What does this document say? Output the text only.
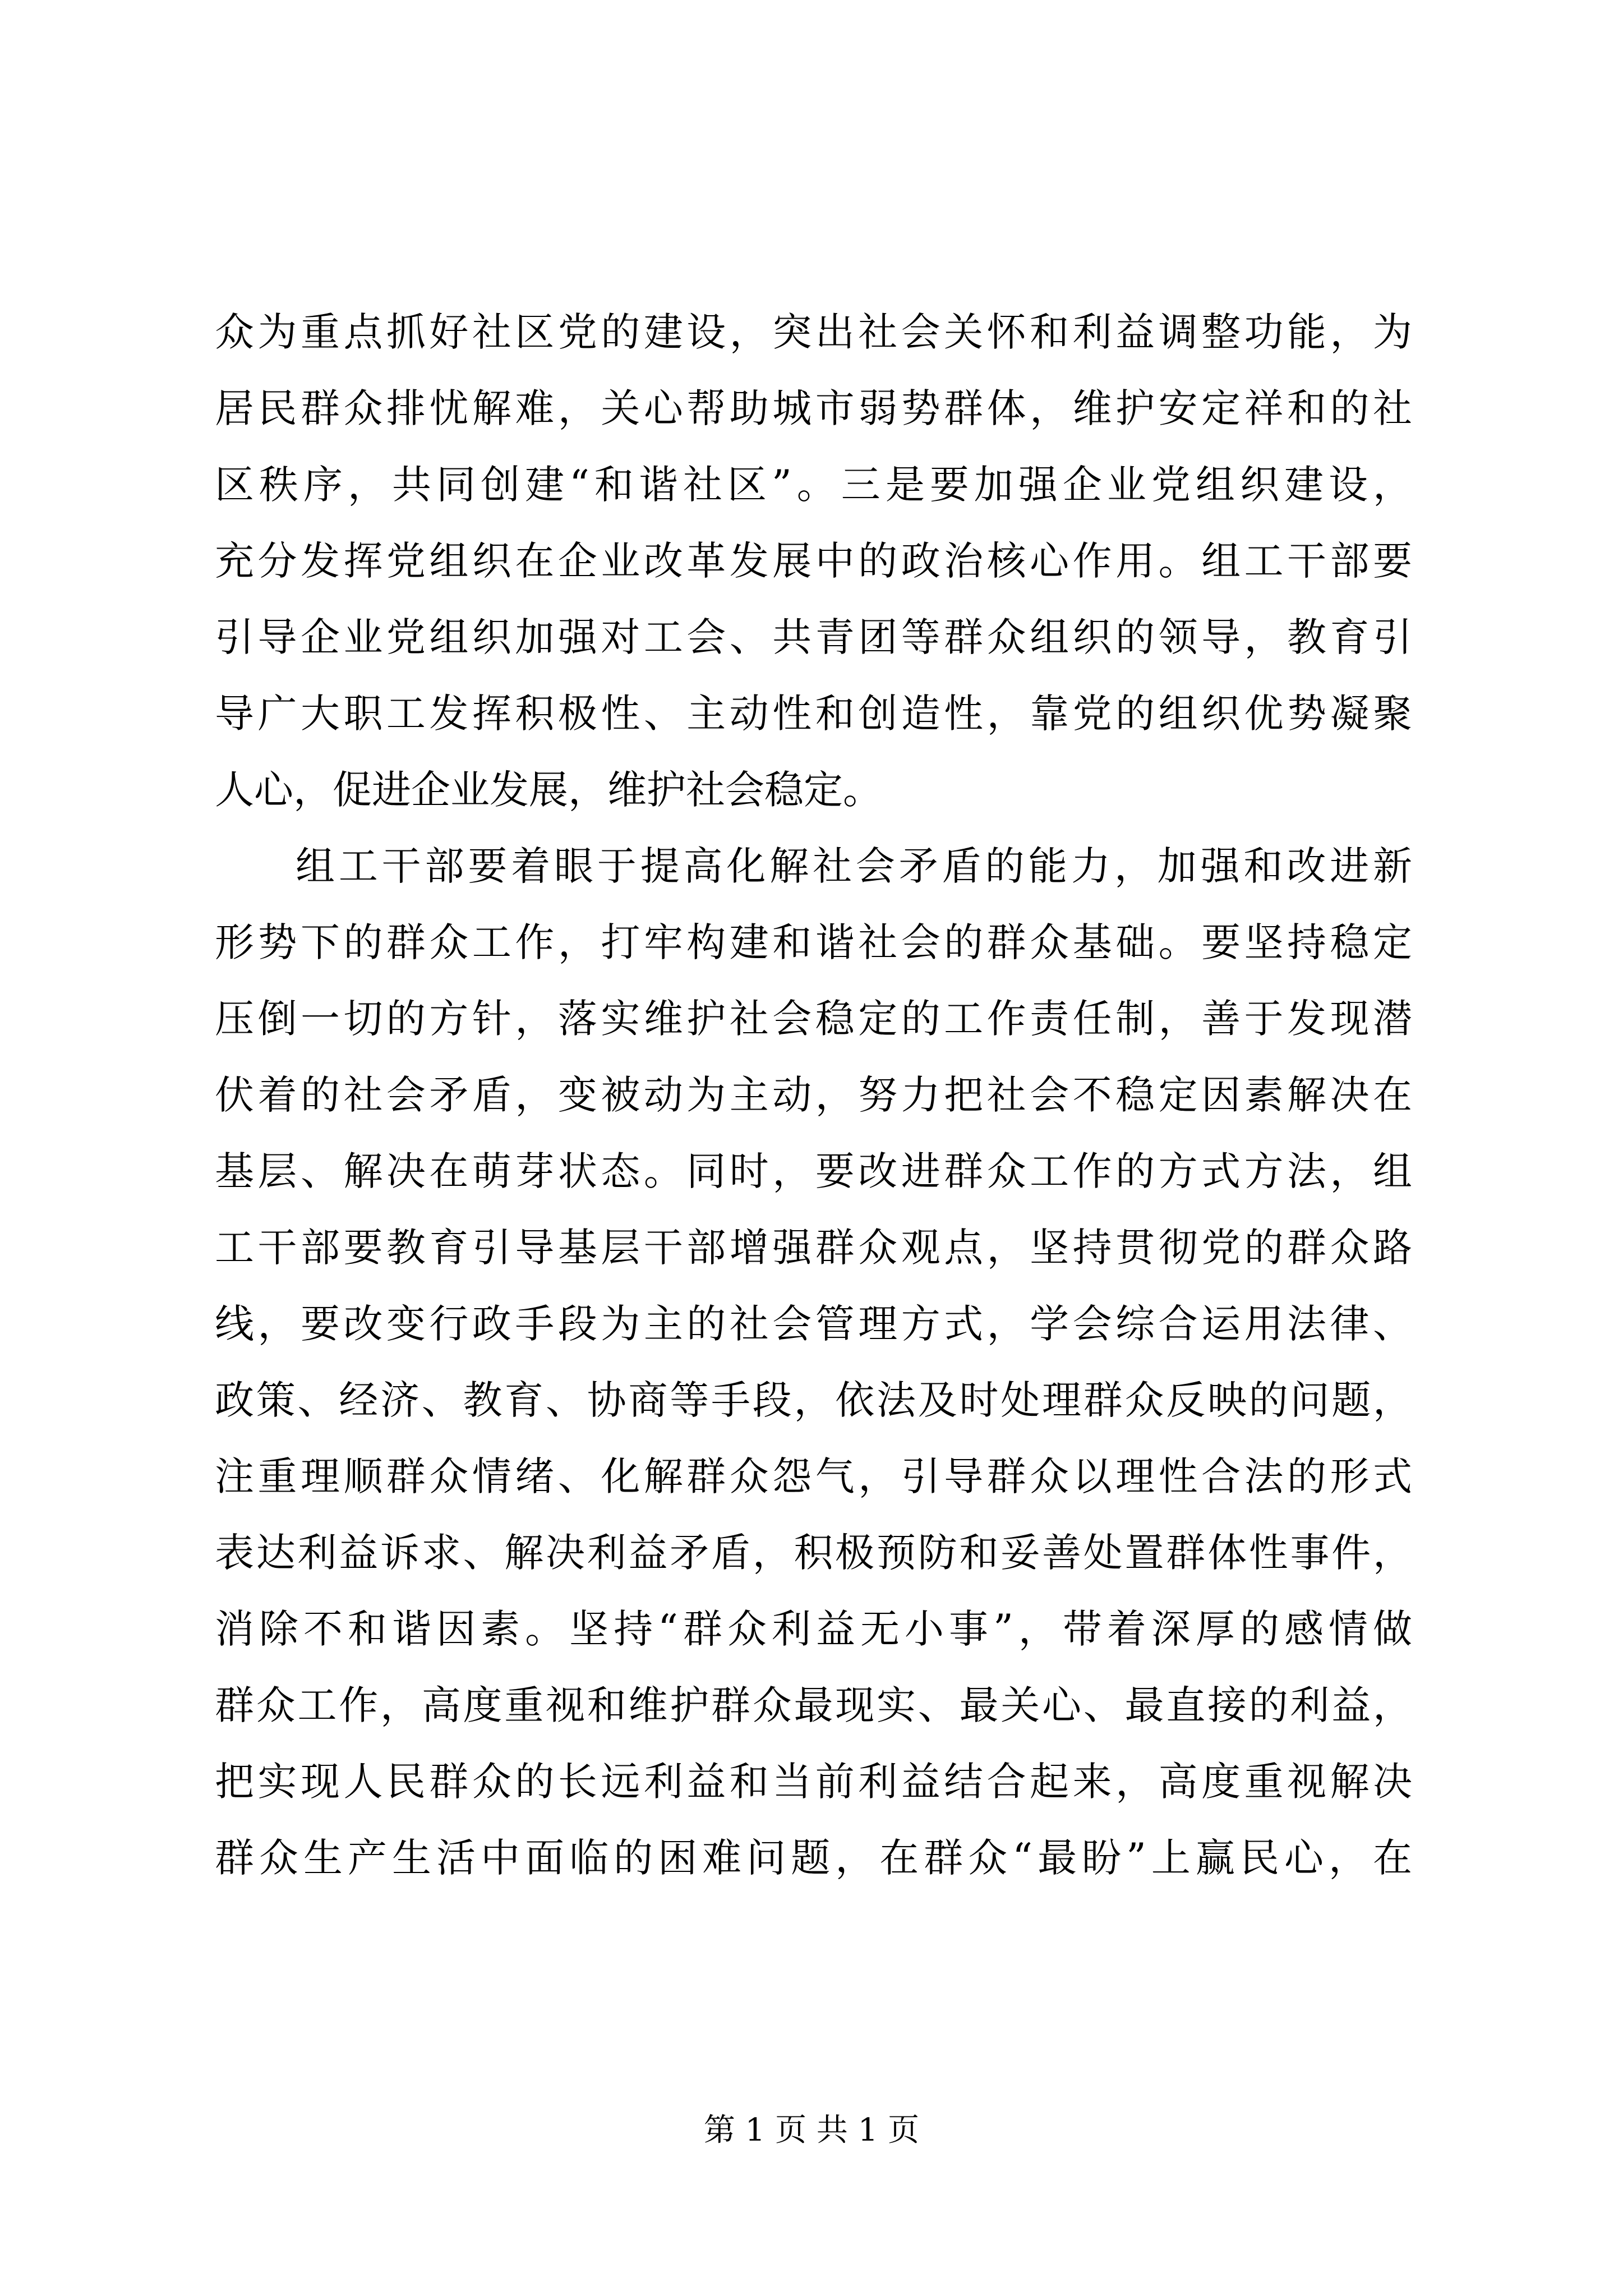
众为重点抓好社区党的建设，突出社会关怀和利益调整功能，为
居民群众排忧解难，关心帮助城市弱势群体，维护安定祥和的社
区秩序，共同创建“和谐社区”。三是要加强企业党组织建设，
充分发挥党组织在企业改革发展中的政治核心作用。组工干部要
引导企业党组织加强对工会、共青团等群众组织的领导，教育引
导广大职工发挥积极性、主动性和创造性，靠党的组织优势凝聚
人心，促进企业发展，维护社会稳定。
组工干部要着眼于提高化解社会矛盾的能力，加强和改进新
形势下的群众工作，打牢构建和谐社会的群众基础。要坚持稳定
压倒一切的方针，落实维护社会稳定的工作责任制，善于发现潜
伏着的社会矛盾，变被动为主动，努力把社会不稳定因素解决在
基层、解决在萌芽状态。同时，要改进群众工作的方式方法，组
工干部要教育引导基层干部增强群众观点，坚持贯彻党的群众路
线，要改变行政手段为主的社会管理方式，学会综合运用法律、
政策、经济、教育、协商等手段，依法及时处理群众反映的问题，
注重理顺群众情绪、化解群众怨气，引导群众以理性合法的形式
表达利益诉求、解决利益矛盾，积极预防和妥善处置群体性事件，
消除不和谐因素。坚持“群众利益无小事”，带着深厚的感情做
群众工作，高度重视和维护群众最现实、最关心、最直接的利益，
把实现人民群众的长远利益和当前利益结合起来，高度重视解决
群众生产生活中面临的困难问题，在群众“最盼”上赢民心，在
第 1 页 共 1 页
